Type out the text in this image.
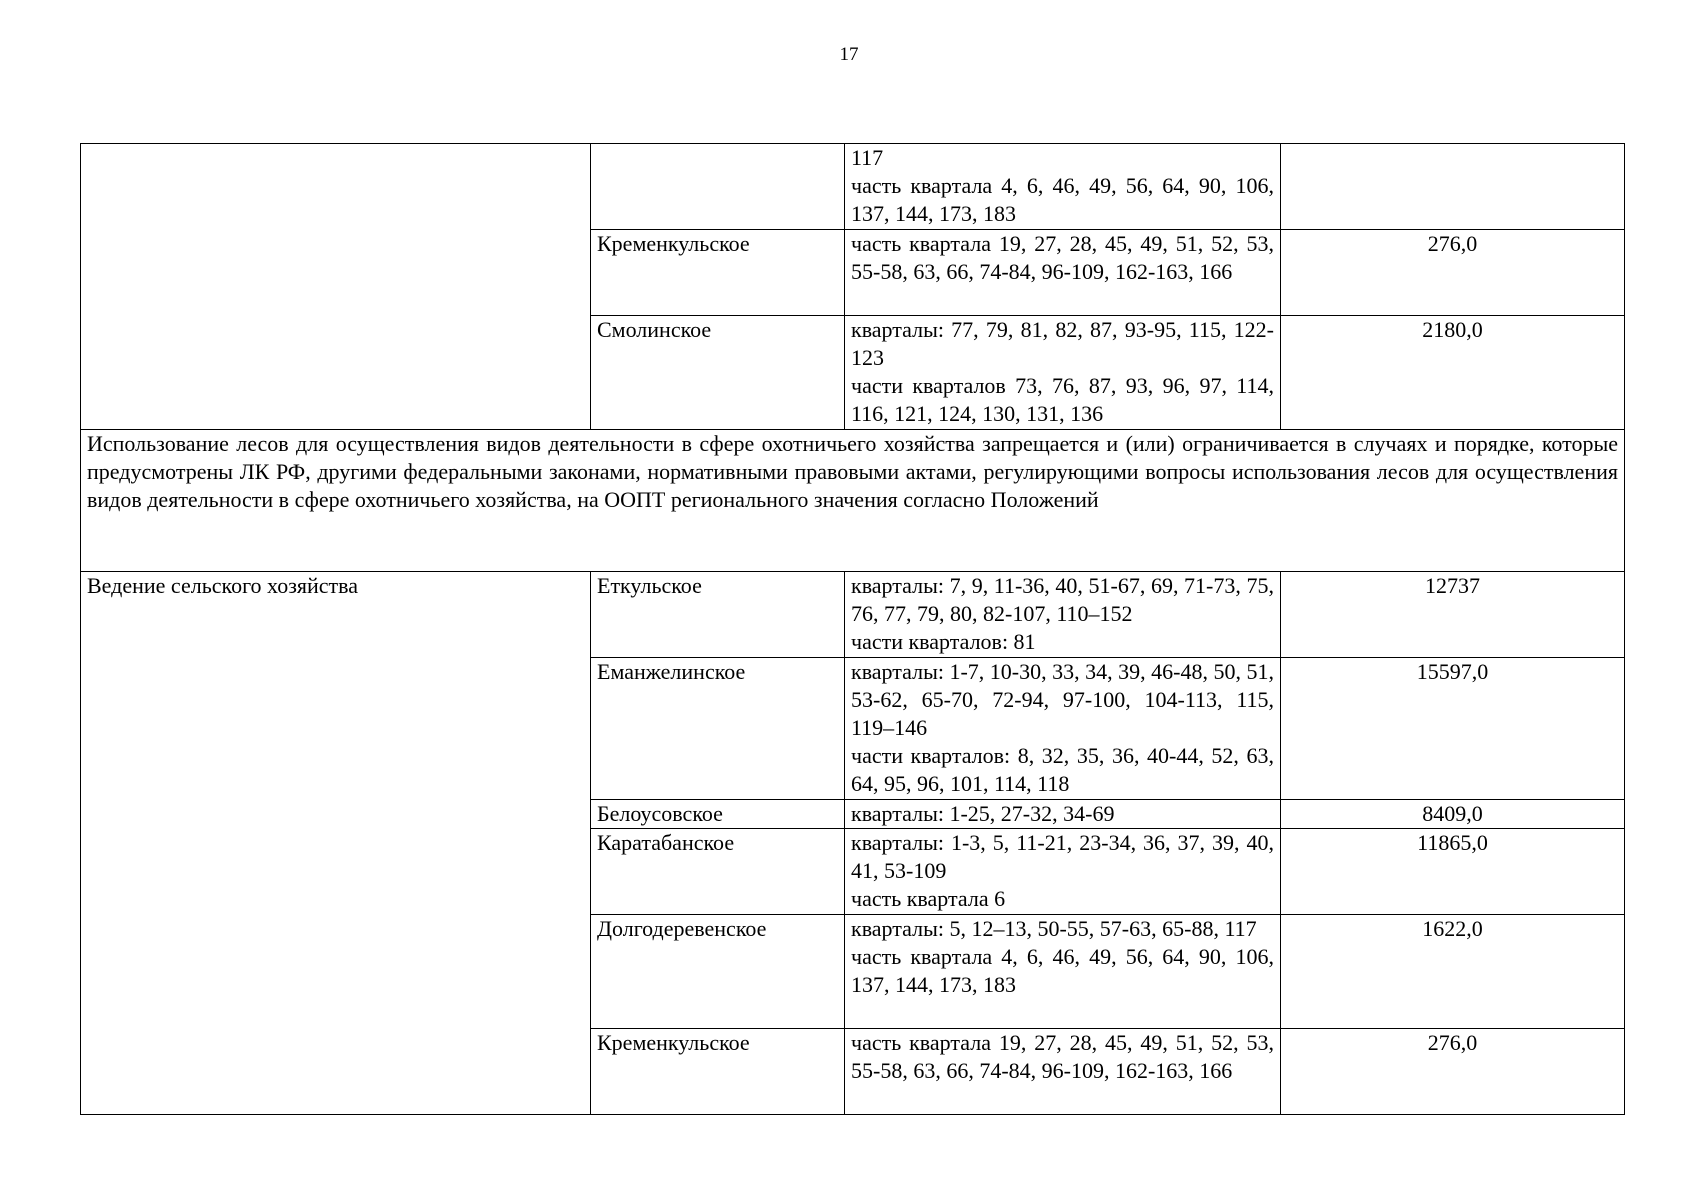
17

		117
часть квартала 4, 6, 46, 49, 56, 64, 90, 106, 137, 144, 173, 183	

	Кременкульское	часть квартала 19, 27, 28, 45, 49, 51, 52, 53, 55-58, 63, 66, 74-84, 96-109, 162-163, 166	276,0
	Смолинское	кварталы: 77, 79, 81, 82, 87, 93-95, 115, 122-123
части кварталов 73, 76, 87, 93, 96, 97, 114, 116, 121, 124, 130, 131, 136	2180,0
Использование лесов для осуществления видов деятельности в сфере охотничьего хозяйства запрещается и (или) ограничивается в случаях и порядке, которые предусмотрены ЛК РФ, другими федеральными законами, нормативными правовыми актами, регулирующими вопросы использования лесов для осуществления видов деятельности в сфере охотничьего хозяйства, на ООПТ регионального значения согласно Положений			
Ведение сельского хозяйства	Еткульское	кварталы: 7, 9, 11-36, 40, 51-67, 69, 71-73, 75, 76, 77, 79, 80, 82-107, 110–152
части кварталов: 81	12737
	Еманжелинское	кварталы: 1-7, 10-30, 33, 34, 39, 46-48, 50, 51, 53-62, 65-70, 72-94, 97-100, 104-113, 115, 119–146
части кварталов: 8, 32, 35, 36, 40-44, 52, 63, 64, 95, 96, 101, 114, 118	15597,0
	Белоусовское	кварталы: 1-25, 27-32, 34-69	8409,0
	Каратабанское	кварталы: 1-3, 5, 11-21, 23-34, 36, 37, 39, 40, 41, 53-109
часть квартала 6	11865,0
	Долгодеревенское	кварталы: 5, 12–13, 50-55, 57-63, 65-88, 117
часть квартала 4, 6, 46, 49, 56, 64, 90, 106, 137, 144, 173, 183	1622,0
	Кременкульское	часть квартала 19, 27, 28, 45, 49, 51, 52, 53, 55-58, 63, 66, 74-84, 96-109, 162-163, 166	276,0
